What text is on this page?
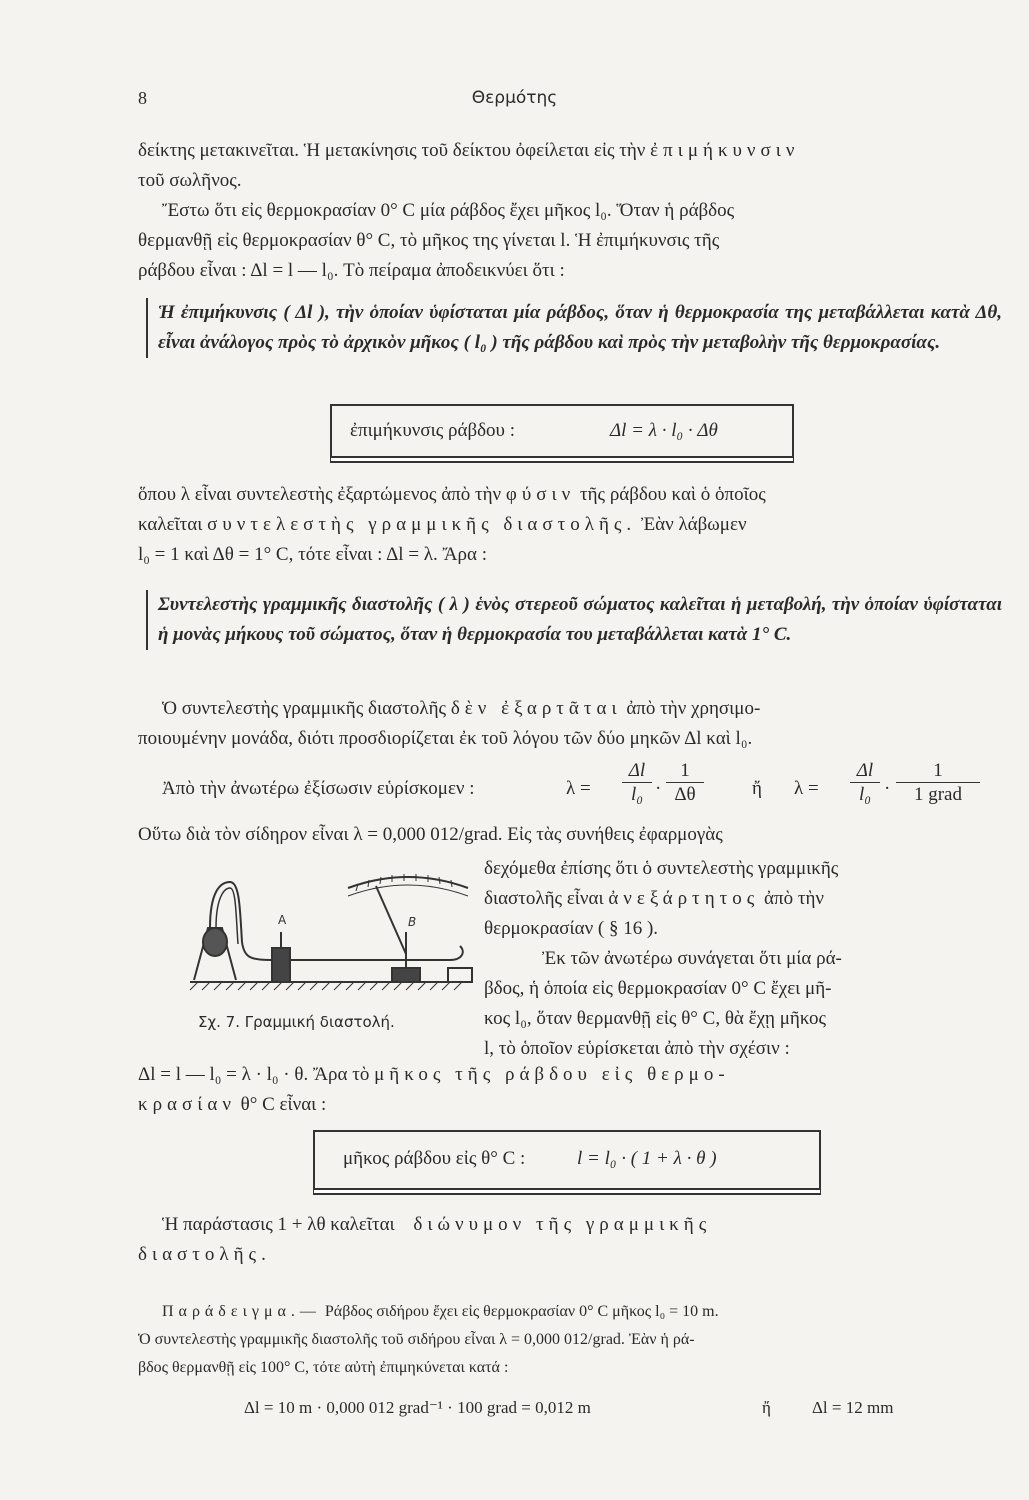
8	Θερμότης
δείκτης μετακινεῖται. Ἡ μετακίνησις τοῦ δείκτου ὀφείλεται εἰς τὴν ἐπιμήκυνσιν
τοῦ σωλῆνος.
Ἔστω ὅτι εἰς θερμοκρασίαν 0° C μία ράβδος ἔχει μῆκος l₀. Ὅταν ἡ ράβδος
θερμανθῇ εἰς θερμοκρασίαν θ° C, τὸ μῆκος της γίνεται l. Ἡ ἐπιμήκυνσις τῆς
ράβδου εἶναι : Δl = l — l₀. Τὸ πείραμα ἀποδεικνύει ὅτι :
Ἡ ἐπιμήκυνσις ( Δl ), τὴν ὁποίαν ὑφίσταται μία ράβδος, ὅταν ἡ θερμοκρασία της μεταβάλλεται κατὰ Δθ, εἶναι ἀνάλογος πρὸς τὸ ἀρχικὸν μῆκος ( l₀ ) τῆς ράβδου καὶ πρὸς τὴν μεταβολὴν τῆς θερμοκρασίας.
ἐπιμήκυνσις ράβδου :	Δl = λ · l₀ · Δθ
ὅπου λ εἶναι συντελεστὴς ἐξαρτώμενος ἀπὸ τὴν φύσιν τῆς ράβδου καὶ ὁ ὁποῖος
καλεῖται συντελεστὴς γραμμικῆς διαστολῆς. Ἐὰν λάβωμεν
l₀ = 1 καὶ Δθ = 1° C, τότε εἶναι : Δl = λ. Ἄρα :
Συντελεστὴς γραμμικῆς διαστολῆς ( λ ) ἑνὸς στερεοῦ σώματος καλεῖται ἡ μεταβολή, τὴν ὁποίαν ὑφίσταται ἡ μονὰς μήκους τοῦ σώματος, ὅταν ἡ θερμοκρασία του μεταβάλλεται κατὰ 1° C.
Ὁ συντελεστὴς γραμμικῆς διαστολῆς δὲν ἐξαρτᾶται ἀπὸ τὴν χρησιμο-
ποιουμένην μονάδα, διότι προσδιορίζεται ἐκ τοῦ λόγου τῶν δύο μηκῶν Δl καὶ l₀.
Ἀπὸ τὴν ἀνωτέρω ἐξίσωσιν εὑρίσκομεν :	$\lambda = \frac{\Delta l}{\text{l₀}} \cdot \frac{1}{\Delta\theta}$	ἤ $\lambda = \frac{\Delta l}{\text{l₀}}$ ·
1
1 grad
Οὕτω διὰ τὸν σίδηρον εἶναι λ = 0,000 012/grad. Εἰς τὰς συνήθεις ἐφαρμογὰς
δεχόμεθα ἐπίσης ὅτι ὁ συντελεστὴς γραμμικῆς
διαστολῆς εἶναι ἀνεξάρτητος ἀπὸ τὴν
θερμοκρασίαν ( § 16 ).
Ἐκ τῶν ἀνωτέρω συνάγεται ὅτι μία ρά-
βδος, ἡ ὁποία εἰς θερμοκρασίαν 0° C ἔχει μῆ-
κος l₀, ὅταν θερμανθῇ εἰς θ° C, θὰ ἔχῃ μῆκος
l, τὸ ὁποῖον εὑρίσκεται ἀπὸ τὴν σχέσιν :
Δl = l — l₀ = λ · l₀ · θ. Ἄρα τὸ μῆκος τῆς ράβδου εἰς θερμο-
κρασίαν θ° C εἶναι :
A	B
Σχ. 7. Γραμμική διαστολή.
μῆκος ράβδου εἰς θ° C :	l = l₀ · ( 1 + λ · θ )
Ἡ παράστασις 1 + λθ καλεῖται διώνυμον τῆς γραμμικῆς
διαστολῆς.
Παράδειγμα.— Ράβδος σιδήρου ἔχει εἰς θερμοκρασίαν 0° C μῆκος l₀ = 10 m.
Ὁ συντελεστὴς γραμμικῆς διαστολῆς τοῦ σιδήρου εἶναι λ = 0,000 012/grad. Ἐὰν ἡ ρά-
βδος θερμανθῇ εἰς 100° C, τότε αὐτὴ ἐπιμηκύνεται κατά :
Δl = 10 m · 0,000 012 grad⁻¹ · 100 grad = 0,012 m	ἤ Δl = 12 mm
